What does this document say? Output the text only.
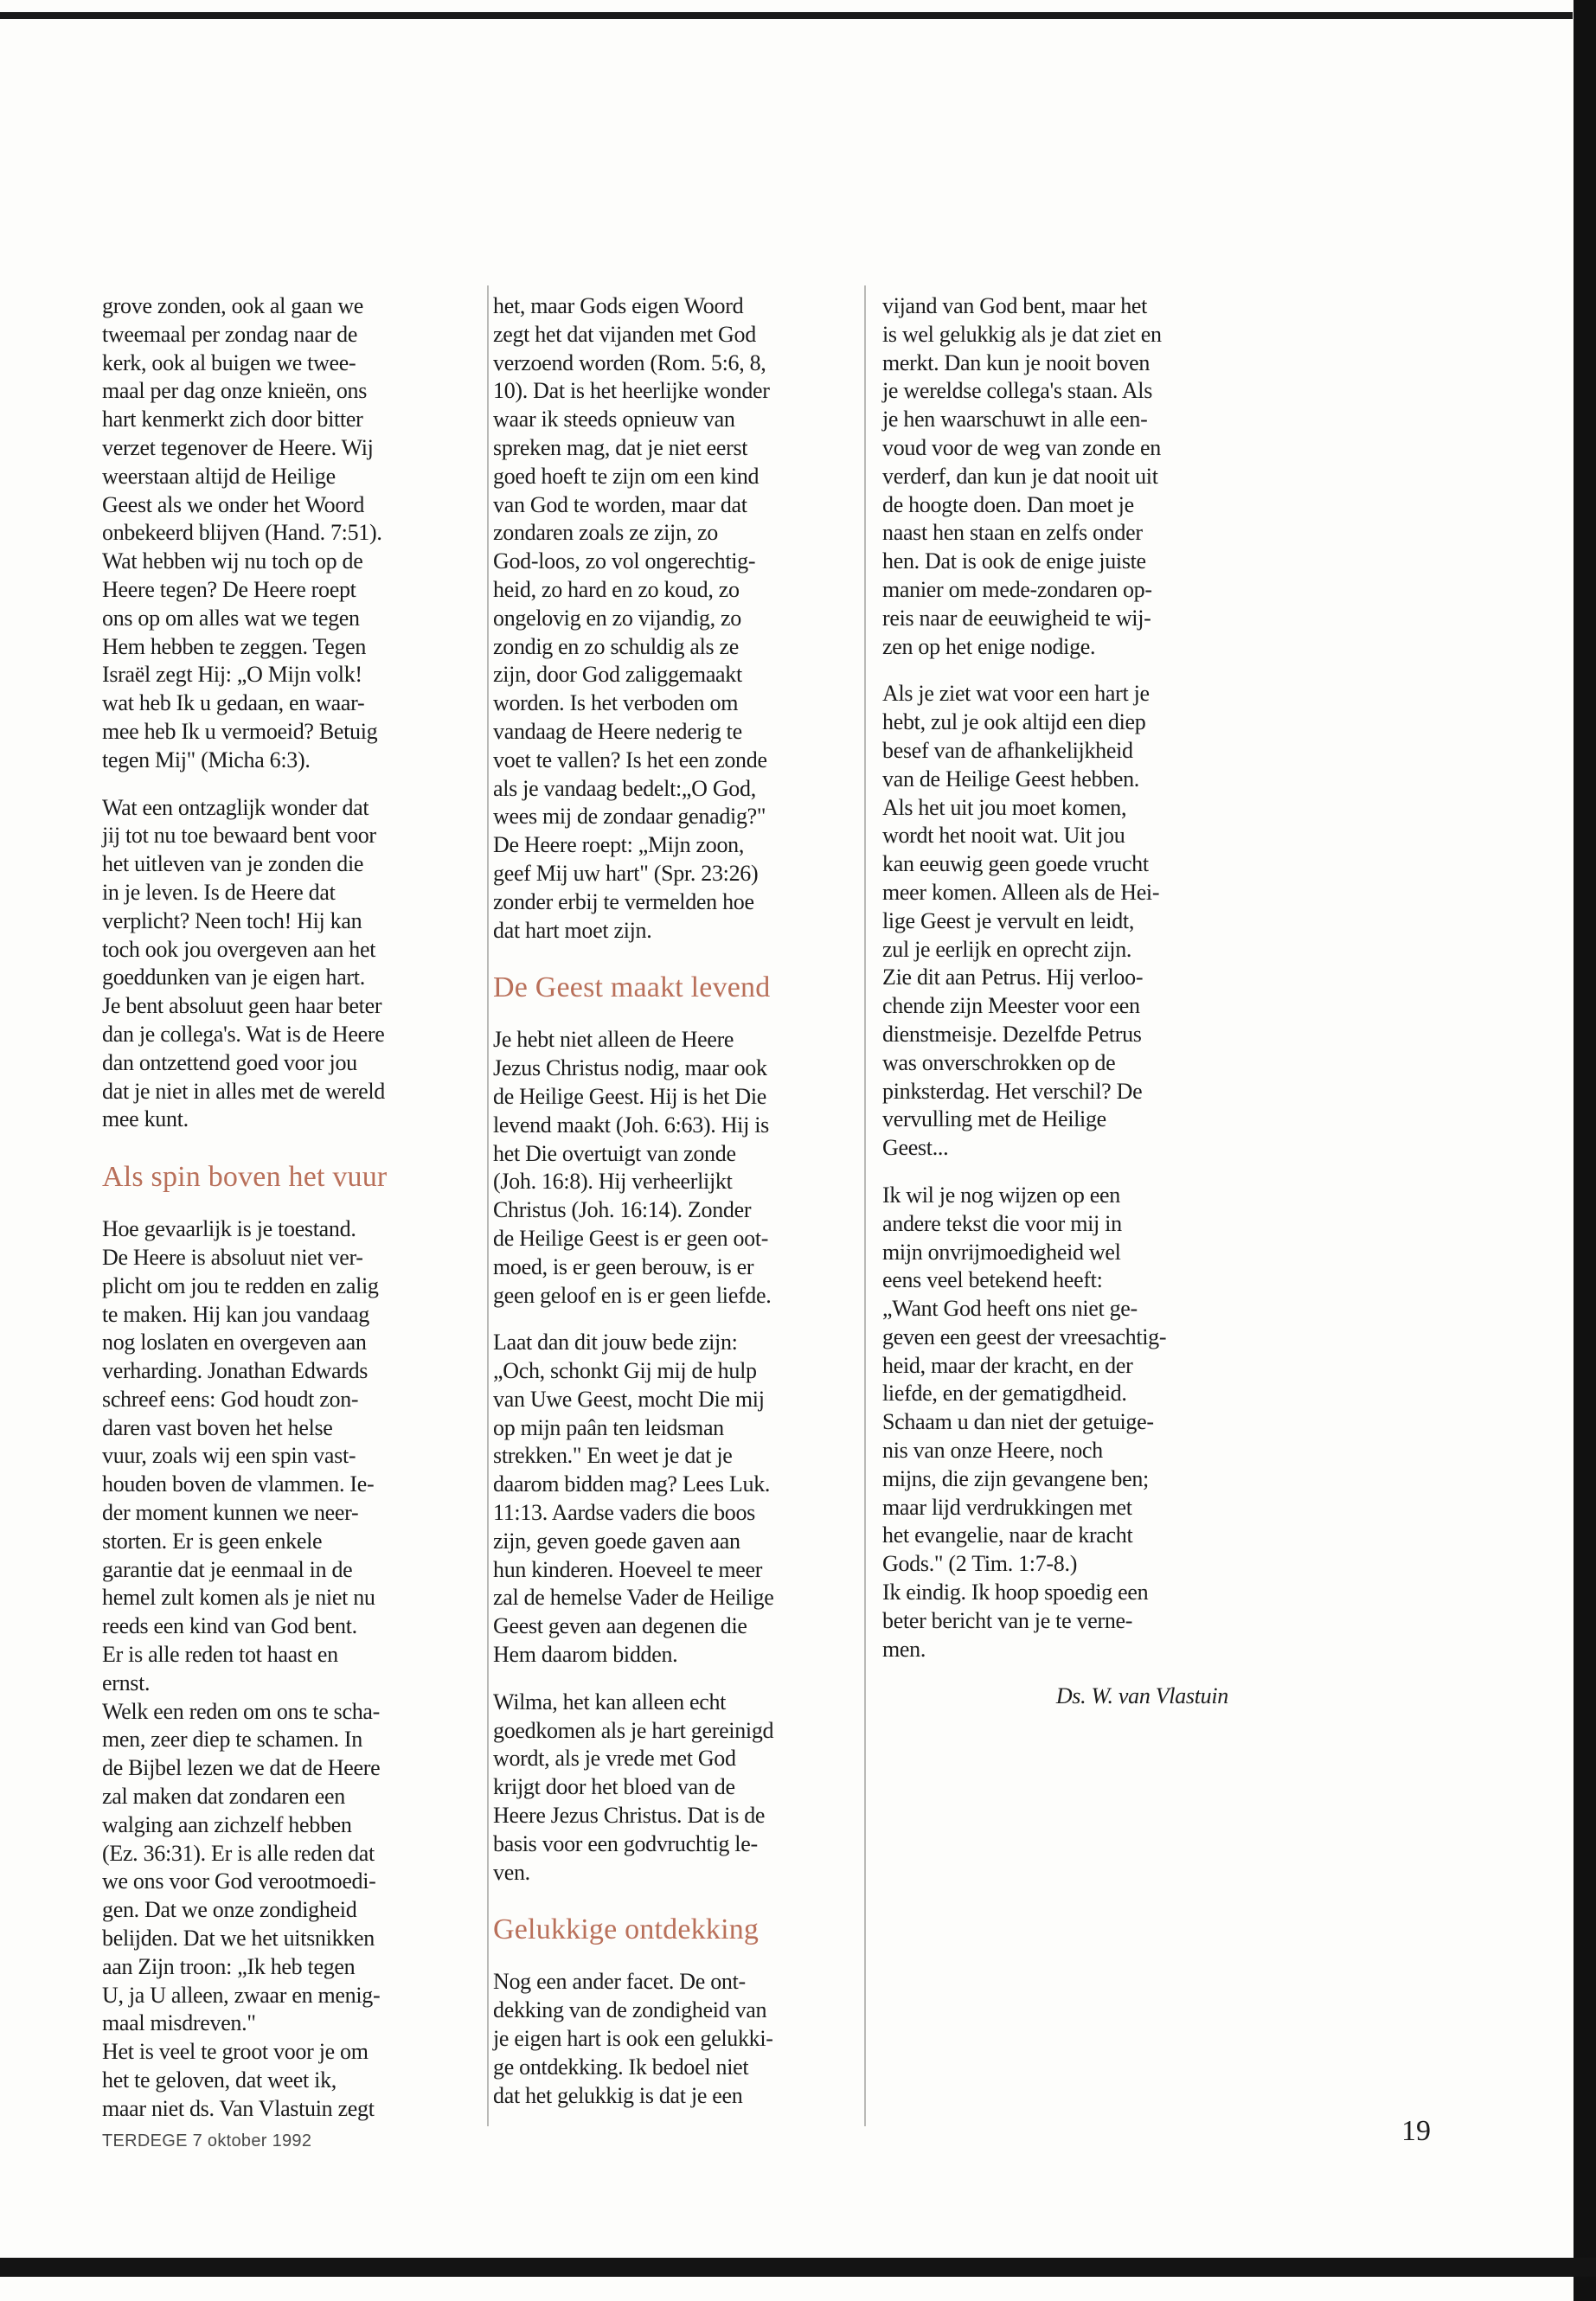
grove zonden, ook al gaan we
tweemaal per zondag naar de
kerk, ook al buigen we twee-
maal per dag onze knieën, ons
hart kenmerkt zich door bitter
verzet tegenover de Heere. Wij
weerstaan altijd de Heilige
Geest als we onder het Woord
onbekeerd blijven (Hand. 7:51).
Wat hebben wij nu toch op de
Heere tegen? De Heere roept
ons op om alles wat we tegen
Hem hebben te zeggen. Tegen
Israël zegt Hij: „O Mijn volk!
wat heb Ik u gedaan, en waar-
mee heb Ik u vermoeid? Betuig
tegen Mij" (Micha 6:3).

Wat een ontzaglijk wonder dat
jij tot nu toe bewaard bent voor
het uitleven van je zonden die
in je leven. Is de Heere dat
verplicht? Neen toch! Hij kan
toch ook jou overgeven aan het
goeddunken van je eigen hart.
Je bent absoluut geen haar beter
dan je collega's. Wat is de Heere
dan ontzettend goed voor jou
dat je niet in alles met de wereld
mee kunt.

Als spin boven het vuur

Hoe gevaarlijk is je toestand.
De Heere is absoluut niet ver-
plicht om jou te redden en zalig
te maken. Hij kan jou vandaag
nog loslaten en overgeven aan
verharding. Jonathan Edwards
schreef eens: God houdt zon-
daren vast boven het helse
vuur, zoals wij een spin vast-
houden boven de vlammen. Ie-
der moment kunnen we neer-
storten. Er is geen enkele
garantie dat je eenmaal in de
hemel zult komen als je niet nu
reeds een kind van God bent.
Er is alle reden tot haast en
ernst.
Welk een reden om ons te scha-
men, zeer diep te schamen. In
de Bijbel lezen we dat de Heere
zal maken dat zondaren een
walging aan zichzelf hebben
(Ez. 36:31). Er is alle reden dat
we ons voor God verootmoedi-
gen. Dat we onze zondigheid
belijden. Dat we het uitsnikken
aan Zijn troon: „Ik heb tegen
U, ja U alleen, zwaar en menig-
maal misdreven."
Het is veel te groot voor je om
het te geloven, dat weet ik,
maar niet ds. Van Vlastuin zegt

het, maar Gods eigen Woord
zegt het dat vijanden met God
verzoend worden (Rom. 5:6, 8,
10). Dat is het heerlijke wonder
waar ik steeds opnieuw van
spreken mag, dat je niet eerst
goed hoeft te zijn om een kind
van God te worden, maar dat
zondaren zoals ze zijn, zo
God-loos, zo vol ongerechtig-
heid, zo hard en zo koud, zo
ongelovig en zo vijandig, zo
zondig en zo schuldig als ze
zijn, door God zaliggemaakt
worden. Is het verboden om
vandaag de Heere nederig te
voet te vallen? Is het een zonde
als je vandaag bedelt:„O God,
wees mij de zondaar genadig?"
De Heere roept: „Mijn zoon,
geef Mij uw hart" (Spr. 23:26)
zonder erbij te vermelden hoe
dat hart moet zijn.

De Geest maakt levend

Je hebt niet alleen de Heere
Jezus Christus nodig, maar ook
de Heilige Geest. Hij is het Die
levend maakt (Joh. 6:63). Hij is
het Die overtuigt van zonde
(Joh. 16:8). Hij verheerlijkt
Christus (Joh. 16:14). Zonder
de Heilige Geest is er geen oot-
moed, is er geen berouw, is er
geen geloof en is er geen liefde.

Laat dan dit jouw bede zijn:
„Och, schonkt Gij mij de hulp
van Uwe Geest, mocht Die mij
op mijn paân ten leidsman
strekken." En weet je dat je
daarom bidden mag? Lees Luk.
11:13. Aardse vaders die boos
zijn, geven goede gaven aan
hun kinderen. Hoeveel te meer
zal de hemelse Vader de Heilige
Geest geven aan degenen die
Hem daarom bidden.

Wilma, het kan alleen echt
goedkomen als je hart gereinigd
wordt, als je vrede met God
krijgt door het bloed van de
Heere Jezus Christus. Dat is de
basis voor een godvruchtig le-
ven.

Gelukkige ontdekking

Nog een ander facet. De ont-
dekking van de zondigheid van
je eigen hart is ook een gelukki-
ge ontdekking. Ik bedoel niet
dat het gelukkig is dat je een

vijand van God bent, maar het
is wel gelukkig als je dat ziet en
merkt. Dan kun je nooit boven
je wereldse collega's staan. Als
je hen waarschuwt in alle een-
voud voor de weg van zonde en
verderf, dan kun je dat nooit uit
de hoogte doen. Dan moet je
naast hen staan en zelfs onder
hen. Dat is ook de enige juiste
manier om mede-zondaren op-
reis naar de eeuwigheid te wij-
zen op het enige nodige.

Als je ziet wat voor een hart je
hebt, zul je ook altijd een diep
besef van de afhankelijkheid
van de Heilige Geest hebben.
Als het uit jou moet komen,
wordt het nooit wat. Uit jou
kan eeuwig geen goede vrucht
meer komen. Alleen als de Hei-
lige Geest je vervult en leidt,
zul je eerlijk en oprecht zijn.
Zie dit aan Petrus. Hij verloo-
chende zijn Meester voor een
dienstmeisje. Dezelfde Petrus
was onverschrokken op de
pinksterdag. Het verschil? De
vervulling met de Heilige
Geest...

Ik wil je nog wijzen op een
andere tekst die voor mij in
mijn onvrijmoedigheid wel
eens veel betekend heeft:
„Want God heeft ons niet ge-
geven een geest der vreesachtig-
heid, maar der kracht, en der
liefde, en der gematigdheid.
Schaam u dan niet der getuige-
nis van onze Heere, noch
mijns, die zijn gevangene ben;
maar lijd verdrukkingen met
het evangelie, naar de kracht
Gods." (2 Tim. 1:7-8.)
Ik eindig. Ik hoop spoedig een
beter bericht van je te verne-
men.

Ds. W. van Vlastuin

TERDEGE 7 oktober 1992	19
